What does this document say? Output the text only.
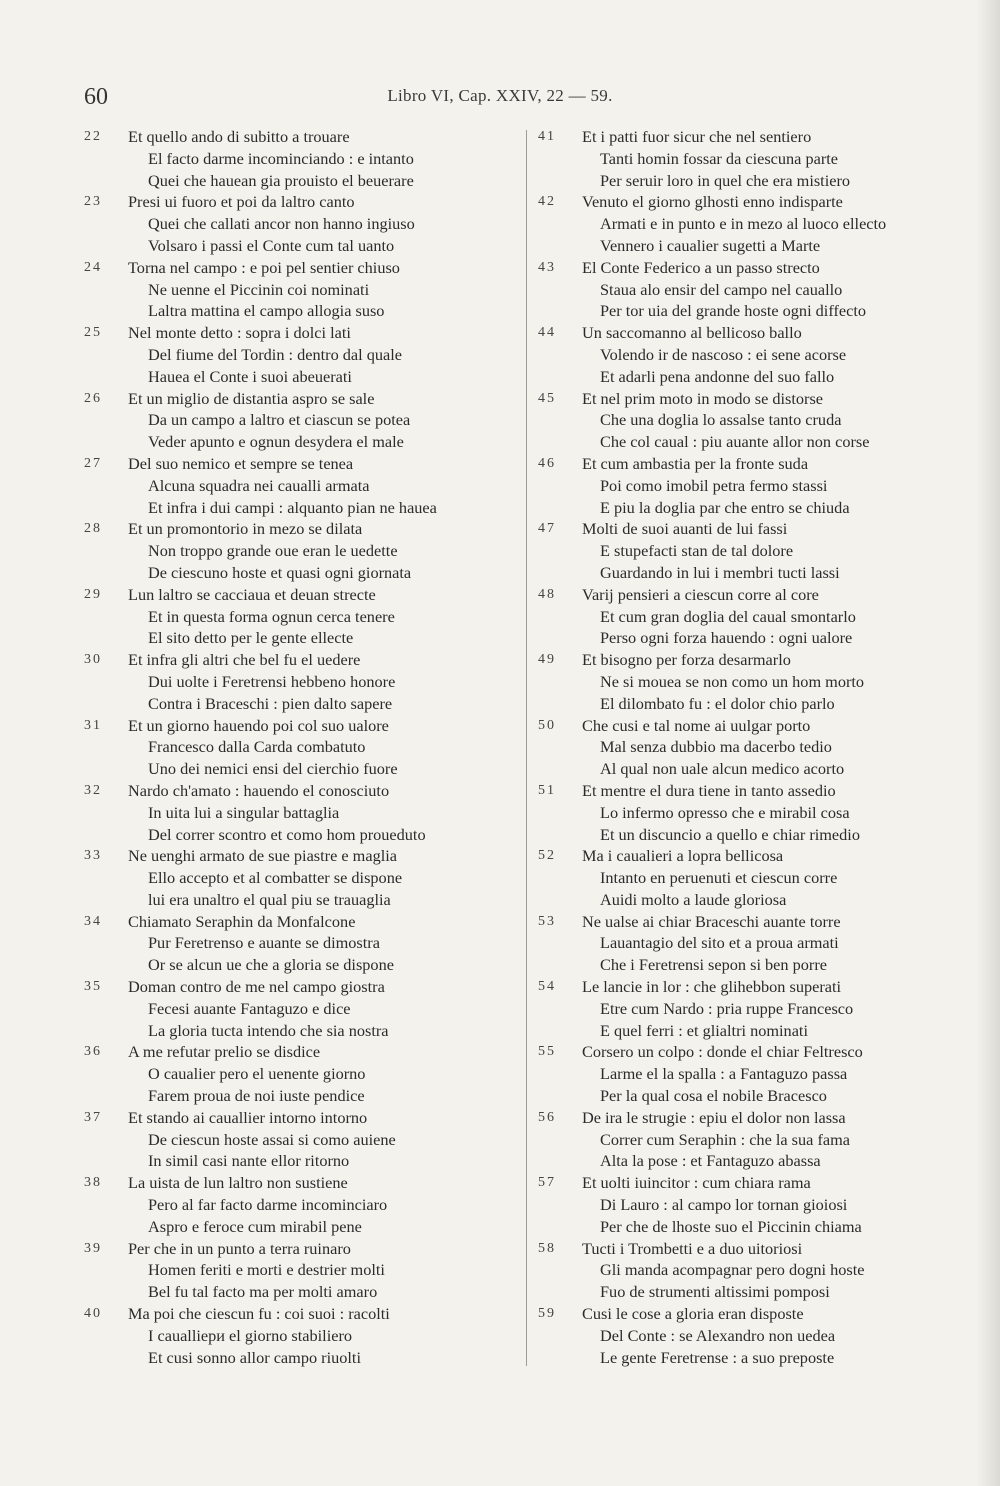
60	Libro VI, Cap. XXIV, 22 — 59.
22	Et quello ando di subitto a trouare
El facto darme incominciando : e intanto
Quei che hauean gia prouisto el beuerare
23	Presi ui fuoro et poi da laltro canto
Quei che callati ancor non hanno ingiuso
Volsaro i passi el Conte cum tal uanto
24	Torna nel campo : e poi pel sentier chiuso
Ne uenne el Piccinin coi nominati
Laltra mattina el campo allogia suso
25	Nel monte detto : sopra i dolci lati
Del fiume del Tordin : dentro dal quale
Hauea el Conte i suoi abeuerati
26	Et un miglio de distantia aspro se sale
Da un campo a laltro et ciascun se potea
Veder apunto e ognun desydera el male
27	Del suo nemico et sempre se tenea
Alcuna squadra nei caualli armata
Et infra i dui campi : alquanto pian ne hauea
28	Et un promontorio in mezo se dilata
Non troppo grande oue eran le uedette
De ciescuno hoste et quasi ogni giornata
29	Lun laltro se cacciaua et deuan strecte
Et in questa forma ognun cerca tenere
El sito detto per le gente ellecte
30	Et infra gli altri che bel fu el uedere
Dui uolte i Feretrensi hebbeno honore
Contra i Braceschi : pien dalto sapere
31	Et un giorno hauendo poi col suo ualore
Francesco dalla Carda combatuto
Uno dei nemici ensi del cierchio fuore
32	Nardo ch'amato : hauendo el conosciuto
In uita lui a singular battaglia
Del correr scontro et como hom proueduto
33	Ne uenghi armato de sue piastre e maglia
Ello accepto et al combatter se dispone
lui era unaltro el qual piu se trauaglia
34	Chiamato Seraphin da Monfalcone
Pur Feretrenso e auante se dimostra
Or se alcun ue che a gloria se dispone
35	Doman contro de me nel campo giostra
Fecesi auante Fantaguzo e dice
La gloria tucta intendo che sia nostra
36	A me refutar prelio se disdice
O caualier pero el uenente giorno
Farem proua de noi iuste pendice
37	Et stando ai cauallier intorno intorno
De ciescun hoste assai si como auiene
In simil casi nante ellor ritorno
38	La uista de lun laltro non sustiene
Pero al far facto darme incominciaro
Aspro e feroce cum mirabil pene
39	Per che in un punto a terra ruinaro
Homen feriti e morti e destrier molti
Bel fu tal facto ma per molti amaro
40	Ma poi che ciescun fu : coi suoi : racolti
I caualliери el giorno stabiliero
Et cusi sonno allor campo riuolti
41	Et i patti fuor sicur che nel sentiero
Tanti homin fossar da ciescuna parte
Per seruir loro in quel che era mistiero
42	Venuto el giorno glhosti enno indisparte
Armati e in punto e in mezo al luoco ellecto
Vennero i caualier sugetti a Marte
43	El Conte Federico a un passo strecto
Staua alo ensir del campo nel cauallo
Per tor uia del grande hoste ogni diffecto
44	Un saccomanno al bellicoso ballo
Volendo ir de nascoso : ei sene acorse
Et adarli pena andonne del suo fallo
45	Et nel prim moto in modo se distorse
Che una doglia lo assalse tanto cruda
Che col caual : piu auante allor non corse
46	Et cum ambastia per la fronte suda
Poi como imobil petra fermo stassi
E piu la doglia par che entro se chiuda
47	Molti de suoi auanti de lui fassi
E stupefacti stan de tal dolore
Guardando in lui i membri tucti lassi
48	Varij pensieri a ciescun corre al core
Et cum gran doglia del caual smontarlo
Perso ogni forza hauendo : ogni ualore
49	Et bisogno per forza desarmarlo
Ne si mouea se non como un hom morto
El dilombato fu : el dolor chio parlo
50	Che cusi e tal nome ai uulgar porto
Mal senza dubbio ma dacerbo tedio
Al qual non uale alcun medico acorto
51	Et mentre el dura tiene in tanto assedio
Lo infermo opresso che e mirabil cosa
Et un discuncio a quello e chiar rimedio
52	Ma i caualieri a lopra bellicosa
Intanto en peruenuti et ciescun corre
Auidi molto a laude gloriosa
53	Ne ualse ai chiar Braceschi auante torre
Lauantagio del sito et a proua armati
Che i Feretrensi sepon si ben porre
54	Le lancie in lor : che glihebbon superati
Etre cum Nardo : pria ruppe Francesco
E quel ferri : et glialtri nominati
55	Corsero un colpo : donde el chiar Feltresco
Larme el la spalla : a Fantaguzo passa
Per la qual cosa el nobile Bracesco
56	De ira le strugie : epiu el dolor non lassa
Correr cum Seraphin : che la sua fama
Alta la pose : et Fantaguzo abassa
57	Et uolti iuincitor : cum chiara rama
Di Lauro : al campo lor tornan gioiosi
Per che de lhoste suo el Piccinin chiama
58	Tucti i Trombetti e a duo uitoriosi
Gli manda acompagnar pero dogni hoste
Fuo de strumenti altissimi pomposi
59	Cusi le cose a gloria eran disposte
Del Conte : se Alexandro non uedea
Le gente Feretrense : a suo preposte
